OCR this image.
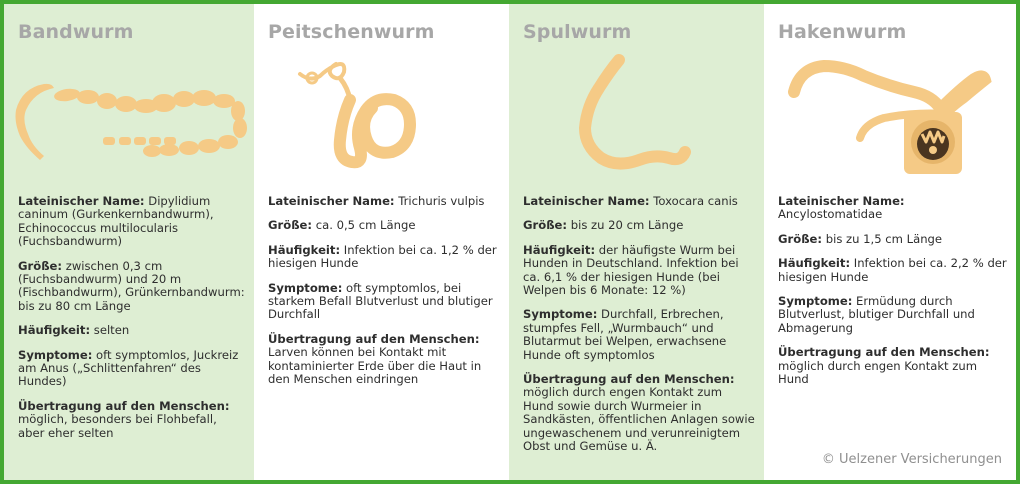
Bandwurm
Lateinischer Name: Dipylidium caninum (Gurkenkernbandwurm), Echinococcus multilocularis (Fuchsbandwurm)
Größe: zwischen 0,3 cm (Fuchsbandwurm) und 20 m (Fischbandwurm), Grünkernbandwurm: bis zu 80 cm Länge
Häufigkeit: selten
Symptome: oft symptomlos, Juckreiz am Anus („Schlittenfahren“ des Hundes)
Übertragung auf den Menschen:
möglich, besonders bei Flohbefall, aber eher selten
Peitschenwurm
Lateinischer Name: Trichuris vulpis
Größe: ca. 0,5 cm Länge
Häufigkeit: Infektion bei ca. 1,2 % der hiesigen Hunde
Symptome: oft symptomlos, bei starkem Befall Blutverlust und blutiger Durchfall
Übertragung auf den Menschen:
Larven können bei Kontakt mit kontaminierter Erde über die Haut in den Menschen eindringen
Spulwurm
Lateinischer Name: Toxocara canis
Größe: bis zu 20 cm Länge
Häufigkeit: der häufigste Wurm bei Hunden in Deutschland. Infektion bei ca. 6,1 % der hiesigen Hunde (bei Welpen bis 6 Monate: 12 %)
Symptome: Durchfall, Erbrechen, stumpfes Fell, „Wurmbauch“ und Blutarmut bei Welpen, erwachsene Hunde oft symptomlos
Übertragung auf den Menschen:
möglich durch engen Kontakt zum Hund sowie durch Wurmeier in Sandkästen, öffentlichen Anlagen sowie ungewaschenem und verunreinigtem Obst und Gemüse u. Ä.
Hakenwurm
Lateinischer Name: Ancylostomatidae
Größe: bis zu 1,5 cm Länge
Häufigkeit: Infektion bei ca. 2,2 % der hiesigen Hunde
Symptome: Ermüdung durch Blutverlust, blutiger Durchfall und Abmagerung
Übertragung auf den Menschen:
möglich durch engen Kontakt zum Hund
© Uelzener Versicherungen
